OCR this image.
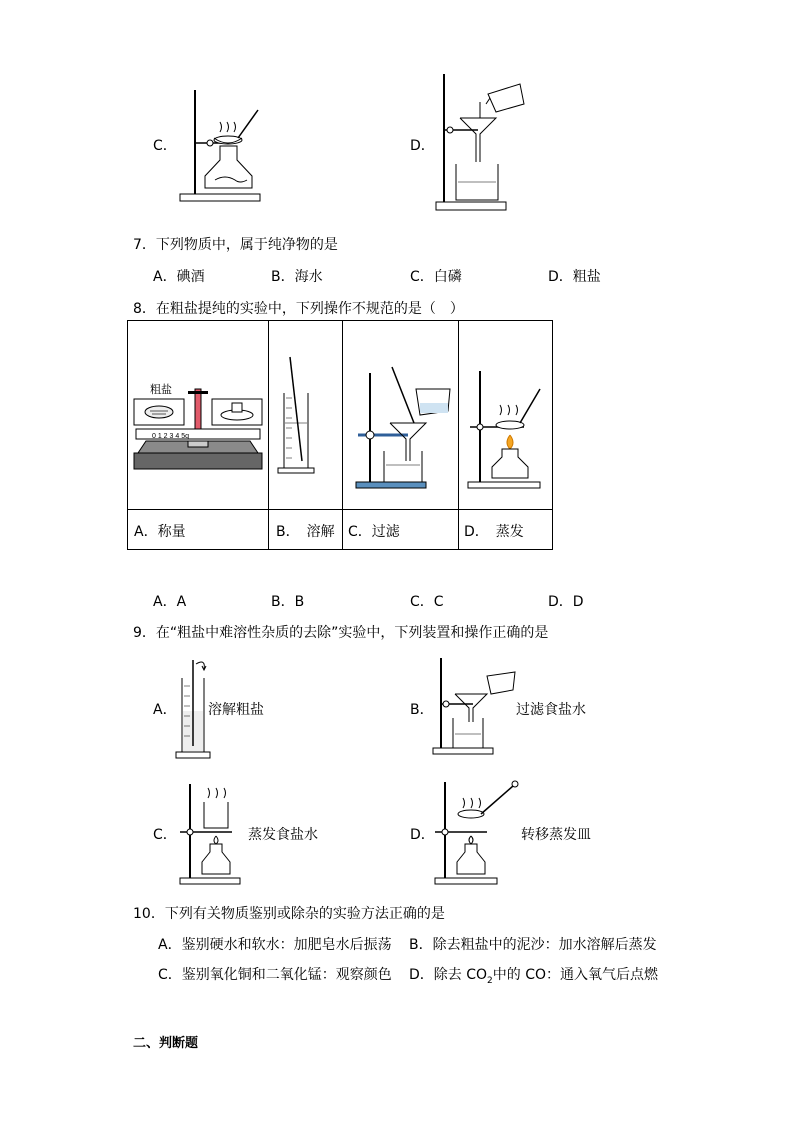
C．	D．
7．下列物质中，属于纯净物的是
A．碘酒	B．海水	C．白磷	D．粗盐
8．在粗盐提纯的实验中，下列操作不规范的是（　）
粗盐
0 1 2 3 4 5g
A．称量	B．　溶解 C．过滤	D．　蒸发
A．A	B．B	C．C	D．D
9．在“粗盐中难溶性杂质的去除”实验中，下列装置和操作正确的是
A． 溶解粗盐	B．	过滤食盐水
C．	蒸发食盐水	D．	转移蒸发皿
10．下列有关物质鉴别或除杂的实验方法正确的是
A．鉴别硬水和软水：加肥皂水后振荡 B．除去粗盐中的泥沙：加水溶解后蒸发
C．鉴别氧化铜和二氧化锰：观察颜色 D．除去 $CO_2$中的 CO：通入氧气后点燃
二、判断题
